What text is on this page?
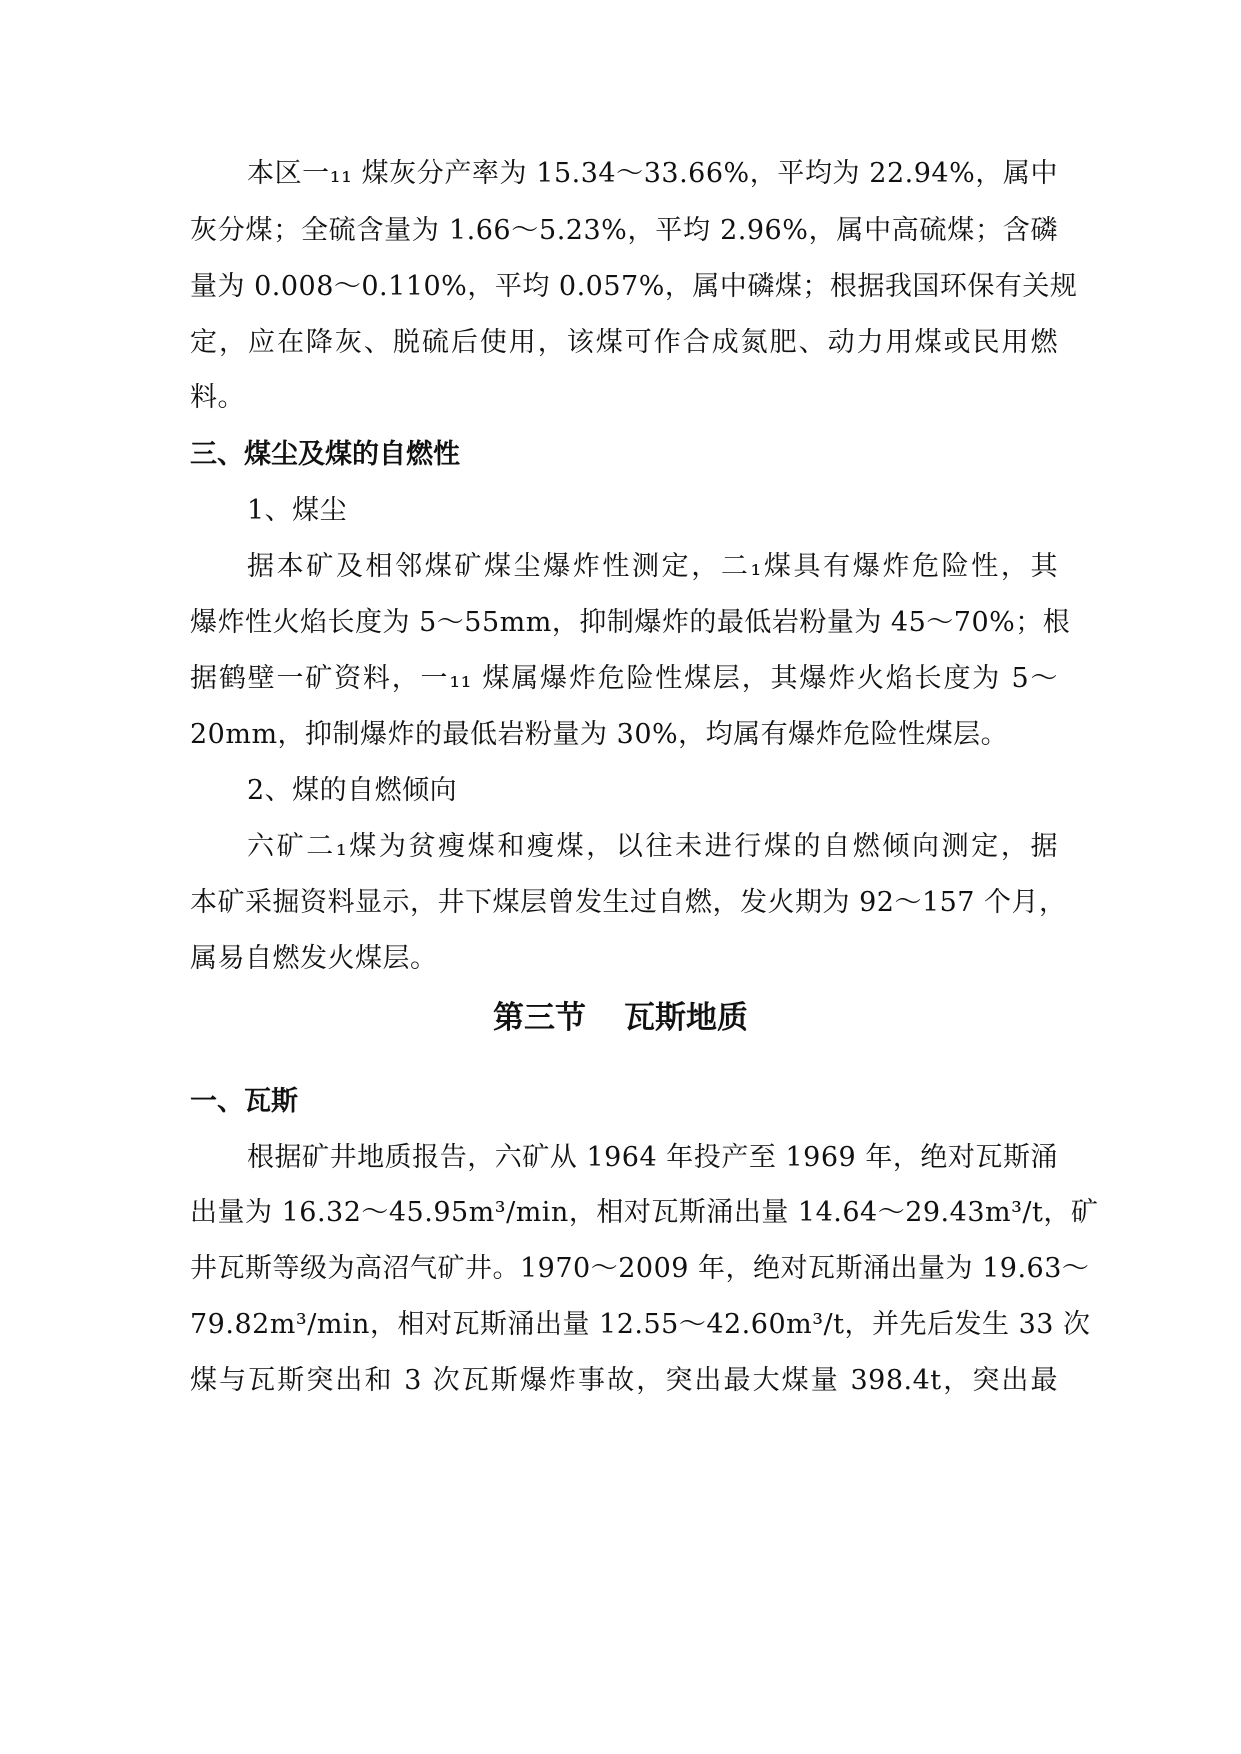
本区一₁₁ 煤灰分产率为 15.34～33.66%，平均为 22.94%，属中
灰分煤；全硫含量为 1.66～5.23%，平均 2.96%，属中高硫煤；含磷
量为 0.008～0.110%，平均 0.057%，属中磷煤；根据我国环保有关规
定，应在降灰、脱硫后使用，该煤可作合成氮肥、动力用煤或民用燃
料。
三、煤尘及煤的自燃性
1、煤尘
据本矿及相邻煤矿煤尘爆炸性测定，二₁煤具有爆炸危险性，其
爆炸性火焰长度为 5～55mm，抑制爆炸的最低岩粉量为 45～70%；根
据鹤壁一矿资料，一₁₁ 煤属爆炸危险性煤层，其爆炸火焰长度为 5～
20mm，抑制爆炸的最低岩粉量为 30%，均属有爆炸危险性煤层。
2、煤的自燃倾向
六矿二₁煤为贫瘦煤和瘦煤，以往未进行煤的自燃倾向测定，据
本矿采掘资料显示，井下煤层曾发生过自燃，发火期为 92～157 个月，
属易自燃发火煤层。
第三节 瓦斯地质
一、瓦斯
根据矿井地质报告，六矿从 1964 年投产至 1969 年，绝对瓦斯涌
出量为 16.32～45.95m³/min，相对瓦斯涌出量 14.64～29.43m³/t，矿
井瓦斯等级为高沼气矿井。1970～2009 年，绝对瓦斯涌出量为 19.63～
79.82m³/min，相对瓦斯涌出量 12.55～42.60m³/t，并先后发生 33 次
煤与瓦斯突出和 3 次瓦斯爆炸事故，突出最大煤量 398.4t，突出最
